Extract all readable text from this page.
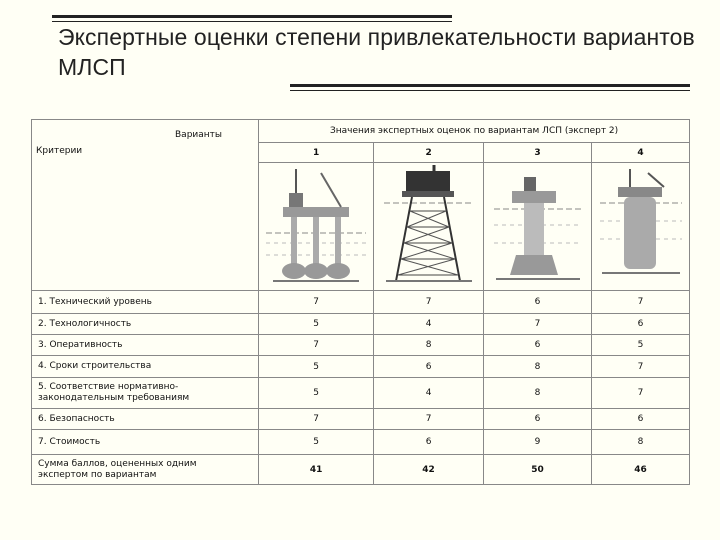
Экспертные оценки степени привлекательности вариантов МЛСП
Варианты
Критерии	Значения экспертных оценок по вариантам ЛСП (эксперт 2)			
	1	2	3	4

1. Технический уровень	7	7	6	7
2. Технологичность	5	4	7	6
3. Оперативность	7	8	6	5
4. Сроки строительства	5	6	8	7
5. Соответствие нормативно-законодательным требованиям	5	4	8	7
6. Безопасность	7	7	6	6
7. Стоимость	5	6	9	8
Сумма баллов, оцененных одним экспертом по вариантам	41	42	50	46
